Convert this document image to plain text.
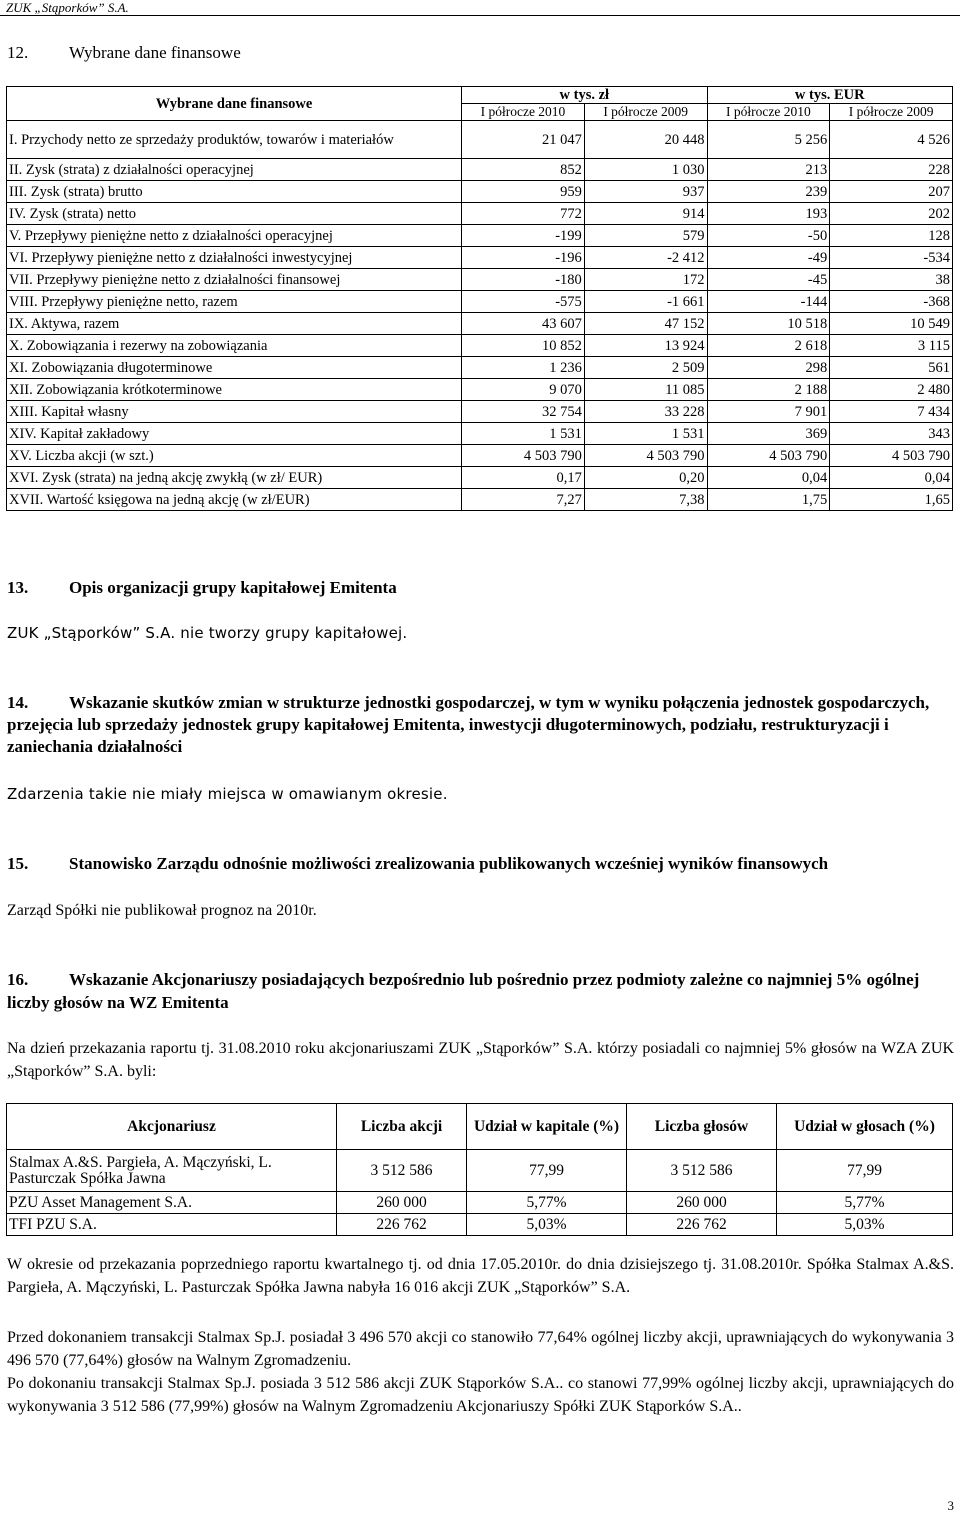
ZUK „Stąporków” S.A.
12. Wybrane dane finansowe
Wybrane dane finansowe	w tys. zł		w tys. EUR	
	I półrocze 2010	I półrocze 2009	I półrocze 2010	I półrocze 2009
I. Przychody netto ze sprzedaży produktów, towarów i materiałów	21 047	20 448	5 256	4 526
II. Zysk (strata) z działalności operacyjnej	852	1 030	213	228
III. Zysk (strata) brutto	959	937	239	207
IV. Zysk (strata) netto	772	914	193	202
V. Przepływy pieniężne netto z działalności operacyjnej	-199	579	-50	128
VI. Przepływy pieniężne netto z działalności inwestycyjnej	-196	-2 412	-49	-534
VII. Przepływy pieniężne netto z działalności finansowej	-180	172	-45	38
VIII. Przepływy pieniężne netto, razem	-575	-1 661	-144	-368
IX. Aktywa, razem	43 607	47 152	10 518	10 549
X. Zobowiązania i rezerwy na zobowiązania	10 852	13 924	2 618	3 115
XI. Zobowiązania długoterminowe	1 236	2 509	298	561
XII. Zobowiązania krótkoterminowe	9 070	11 085	2 188	2 480
XIII. Kapitał własny	32 754	33 228	7 901	7 434
XIV. Kapitał zakładowy	1 531	1 531	369	343
XV. Liczba akcji (w szt.)	4 503 790	4 503 790	4 503 790	4 503 790
XVI. Zysk (strata) na jedną akcję zwykłą (w zł/ EUR)	0,17	0,20	0,04	0,04
XVII. Wartość księgowa na jedną akcję (w zł/EUR)	7,27	7,38	1,75	1,65
13. Opis organizacji grupy kapitałowej Emitenta
ZUK „Stąporków” S.A. nie tworzy grupy kapitałowej.
14. Wskazanie skutków zmian w strukturze jednostki gospodarczej, w tym w wyniku połączenia jednostek gospodarczych, przejęcia lub sprzedaży jednostek grupy kapitałowej Emitenta, inwestycji długoterminowych, podziału, restrukturyzacji i zaniechania działalności
Zdarzenia takie nie miały miejsca w omawianym okresie.
15. Stanowisko Zarządu odnośnie możliwości zrealizowania publikowanych wcześniej wyników finansowych
Zarząd Spółki nie publikował prognoz na 2010r.
16. Wskazanie Akcjonariuszy posiadających bezpośrednio lub pośrednio przez podmioty zależne co najmniej 5% ogólnej liczby głosów na WZ Emitenta
Na dzień przekazania raportu tj. 31.08.2010 roku akcjonariuszami ZUK „Stąporków” S.A. którzy posiadali co najmniej 5% głosów na WZA ZUK „Stąporków” S.A. byli:
Akcjonariusz	Liczba akcji	Udział w kapitale (%)	Liczba głosów	Udział w głosach (%)
Stalmax A.&S. Pargieła, A. Mączyński, L. Pasturczak Spółka Jawna	3 512 586	77,99	3 512 586	77,99
PZU Asset Management S.A.	260 000	5,77%	260 000	5,77%
TFI PZU S.A.	226 762	5,03%	226 762	5,03%
W okresie od przekazania poprzedniego raportu kwartalnego tj. od dnia 17.05.2010r. do dnia dzisiejszego tj. 31.08.2010r. Spółka Stalmax A.&S. Pargieła, A. Mączyński, L. Pasturczak Spółka Jawna nabyła 16 016 akcji ZUK „Stąporków” S.A.
Przed dokonaniem transakcji Stalmax Sp.J. posiadał 3 496 570 akcji co stanowiło 77,64% ogólnej liczby akcji, uprawniających do wykonywania 3 496 570 (77,64%) głosów na Walnym Zgromadzeniu.
Po dokonaniu transakcji Stalmax Sp.J. posiada 3 512 586 akcji ZUK Stąporków S.A.. co stanowi 77,99% ogólnej liczby akcji, uprawniających do wykonywania 3 512 586 (77,99%) głosów na Walnym Zgromadzeniu Akcjonariuszy Spółki ZUK Stąporków S.A..
3
